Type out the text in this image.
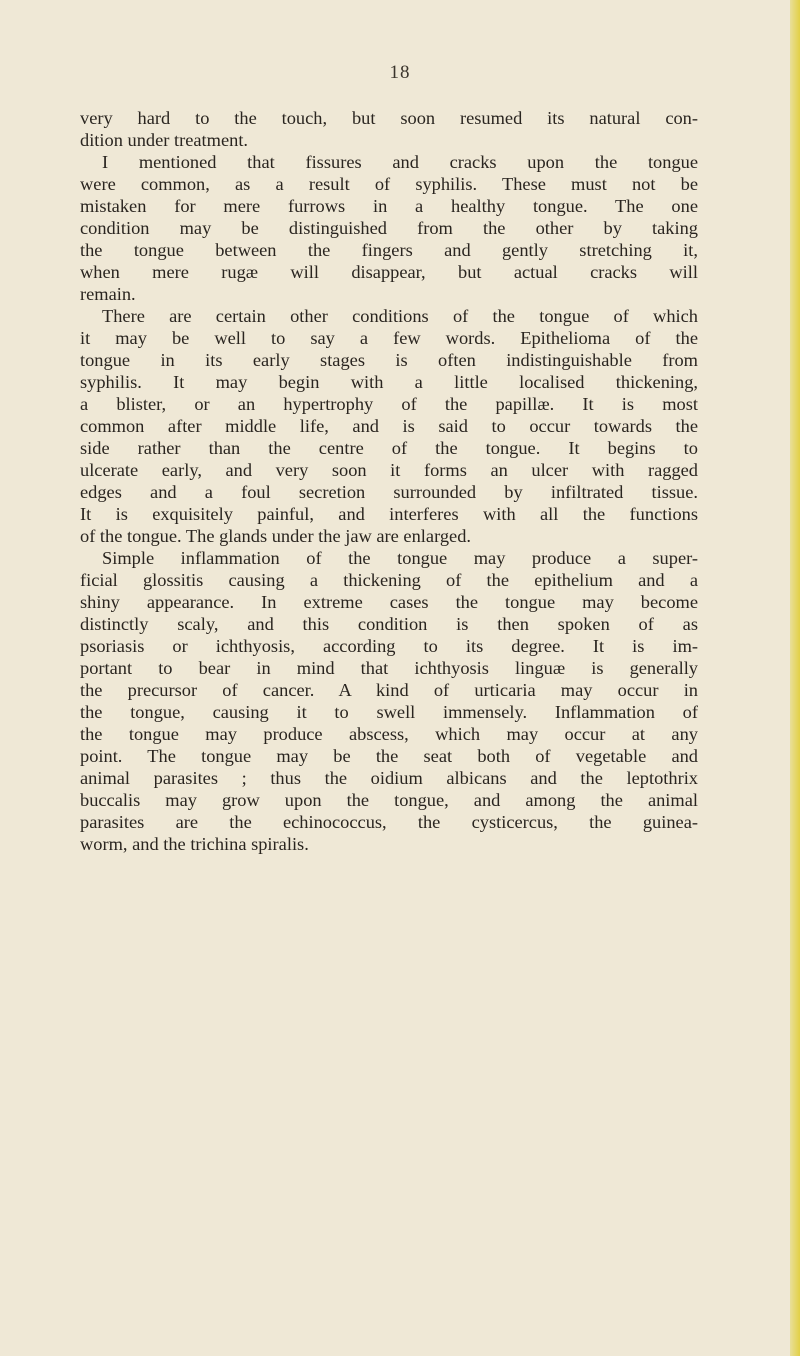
18

very hard to the touch, but soon resumed its natural con-
dition under treatment.

I mentioned that fissures and cracks upon the tongue
were common, as a result of syphilis. These must not be
mistaken for mere furrows in a healthy tongue. The one
condition may be distinguished from the other by taking
the tongue between the fingers and gently stretching it,
when mere rugæ will disappear, but actual cracks will
remain.

There are certain other conditions of the tongue of which
it may be well to say a few words. Epithelioma of the
tongue in its early stages is often indistinguishable from
syphilis. It may begin with a little localised thickening,
a blister, or an hypertrophy of the papillæ. It is most
common after middle life, and is said to occur towards the
side rather than the centre of the tongue. It begins to
ulcerate early, and very soon it forms an ulcer with ragged
edges and a foul secretion surrounded by infiltrated tissue.
It is exquisitely painful, and interferes with all the functions
of the tongue. The glands under the jaw are enlarged.

Simple inflammation of the tongue may produce a super-
ficial glossitis causing a thickening of the epithelium and a
shiny appearance. In extreme cases the tongue may become
distinctly scaly, and this condition is then spoken of as
psoriasis or ichthyosis, according to its degree. It is im-
portant to bear in mind that ichthyosis linguæ is generally
the precursor of cancer. A kind of urticaria may occur in
the tongue, causing it to swell immensely. Inflammation of
the tongue may produce abscess, which may occur at any
point. The tongue may be the seat both of vegetable and
animal parasites ; thus the oidium albicans and the leptothrix
buccalis may grow upon the tongue, and among the animal
parasites are the echinococcus, the cysticercus, the guinea-
worm, and the trichina spiralis.
